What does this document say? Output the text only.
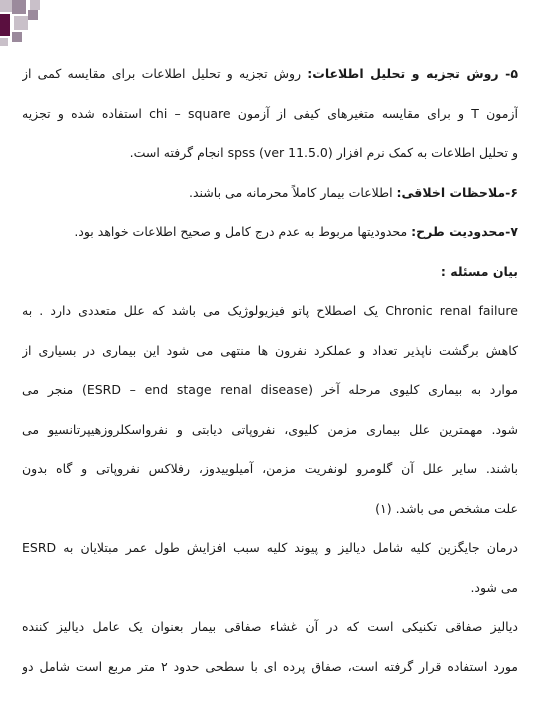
۵- روش تجزیه و تحلیل اطلاعات: روش تجزیه و تحلیل اطلاعات برای مقایسه کمی از
آزمون T و برای مقایسه متغیرهای کیفی از آزمون chi – square استفاده شده و تجزیه
و تحلیل اطلاعات به کمک نرم افزار spss (ver 11.5.0) انجام گرفته است.
۶-ملاحظات اخلاقی: اطلاعات بیمار کاملاً محرمانه می باشند.
۷-محدودیت طرح: محدودیتها مربوط به عدم درج کامل و صحیح اطلاعات خواهد بود.
بیان مسئله :
Chronic renal failure یک اصطلاح پاتو فیزیولوژیک می باشد که علل متعددی دارد . به
کاهش برگشت ناپذیر تعداد و عملکرد نفرون ها منتهی می شود این بیماری در بسیاری از
موارد به بیماری کلیوی مرحله آخر (ESRD – end stage renal disease) منجر می
شود. مهمترین علل بیماری مزمن کلیوی، نفروپاتی دیابتی و نفرواسکلروزهیپرتانسیو می
باشند. سایر علل آن گلومرو لونفریت مزمن، آمیلوییدوز، رفلاکس نفروپاتی و گاه بدون
علت مشخص می باشد. (۱)
درمان جایگزین کلیه شامل دیالیز و پیوند کلیه سبب افزایش طول عمر مبتلایان به ESRD
می شود.
دیالیز صفاقی تکنیکی است که در آن غشاء صفاقی بیمار بعنوان یک عامل دیالیز کننده
مورد استفاده قرار گرفته است، صفاق پرده ای با سطحی حدود ۲ متر مربع است شامل دو
